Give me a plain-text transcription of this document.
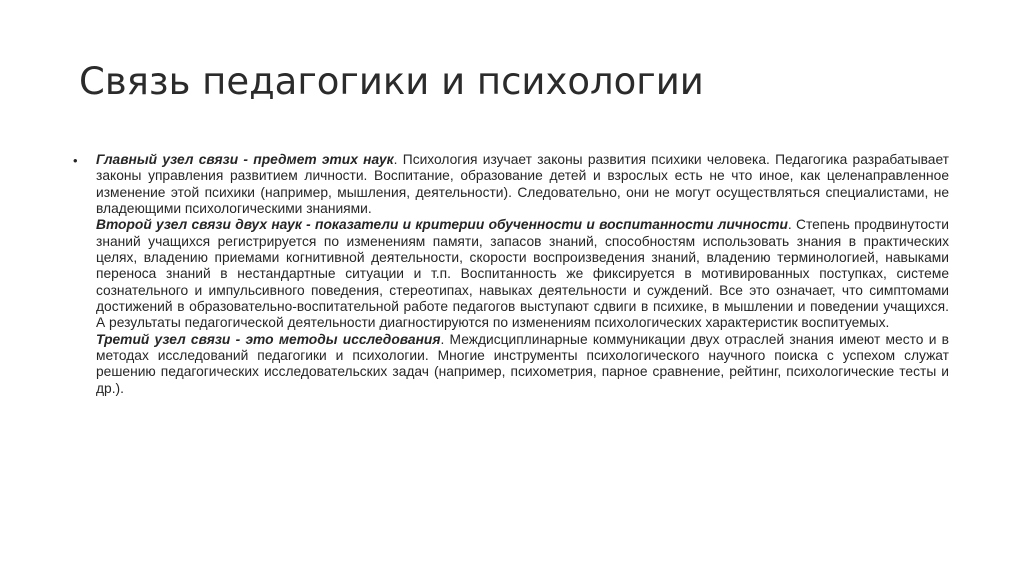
Связь педагогики и психологии
• Главный узел связи - предмет этих наук. Психология изучает законы развития психики человека. Педагогика разрабатывает законы управления развитием личности. Воспитание, образование детей и взрослых есть не что иное, как целенаправленное изменение этой психики (например, мышления, деятельности). Следовательно, они не могут осуществляться специалистами, не владеющими психологическими знаниями.

Второй узел связи двух наук - показатели и критерии обученности и воспитанности личности. Степень продвинутости знаний учащихся регистрируется по изменениям памяти, запасов знаний, способностям использовать знания в практических целях, владению приемами когнитивной деятельности, скорости воспроизведения знаний, владению терминологией, навыками переноса знаний в нестандартные ситуации и т.п. Воспитанность же фиксируется в мотивированных поступках, системе сознательного и импульсивного поведения, стереотипах, навыках деятельности и суждений. Все это означает, что симптомами достижений в образовательно-воспитательной работе педагогов выступают сдвиги в психике, в мышлении и поведении учащихся. А результаты педагогической деятельности диагностируются по изменениям психологических характеристик воспитуемых.

Третий узел связи - это методы исследования. Междисциплинарные коммуникации двух отраслей знания имеют место и в методах исследований педагогики и психологии. Многие инструменты психологического научного поиска с успехом служат решению педагогических исследовательских задач (например, психометрия, парное сравнение, рейтинг, психологические тесты и др.).
